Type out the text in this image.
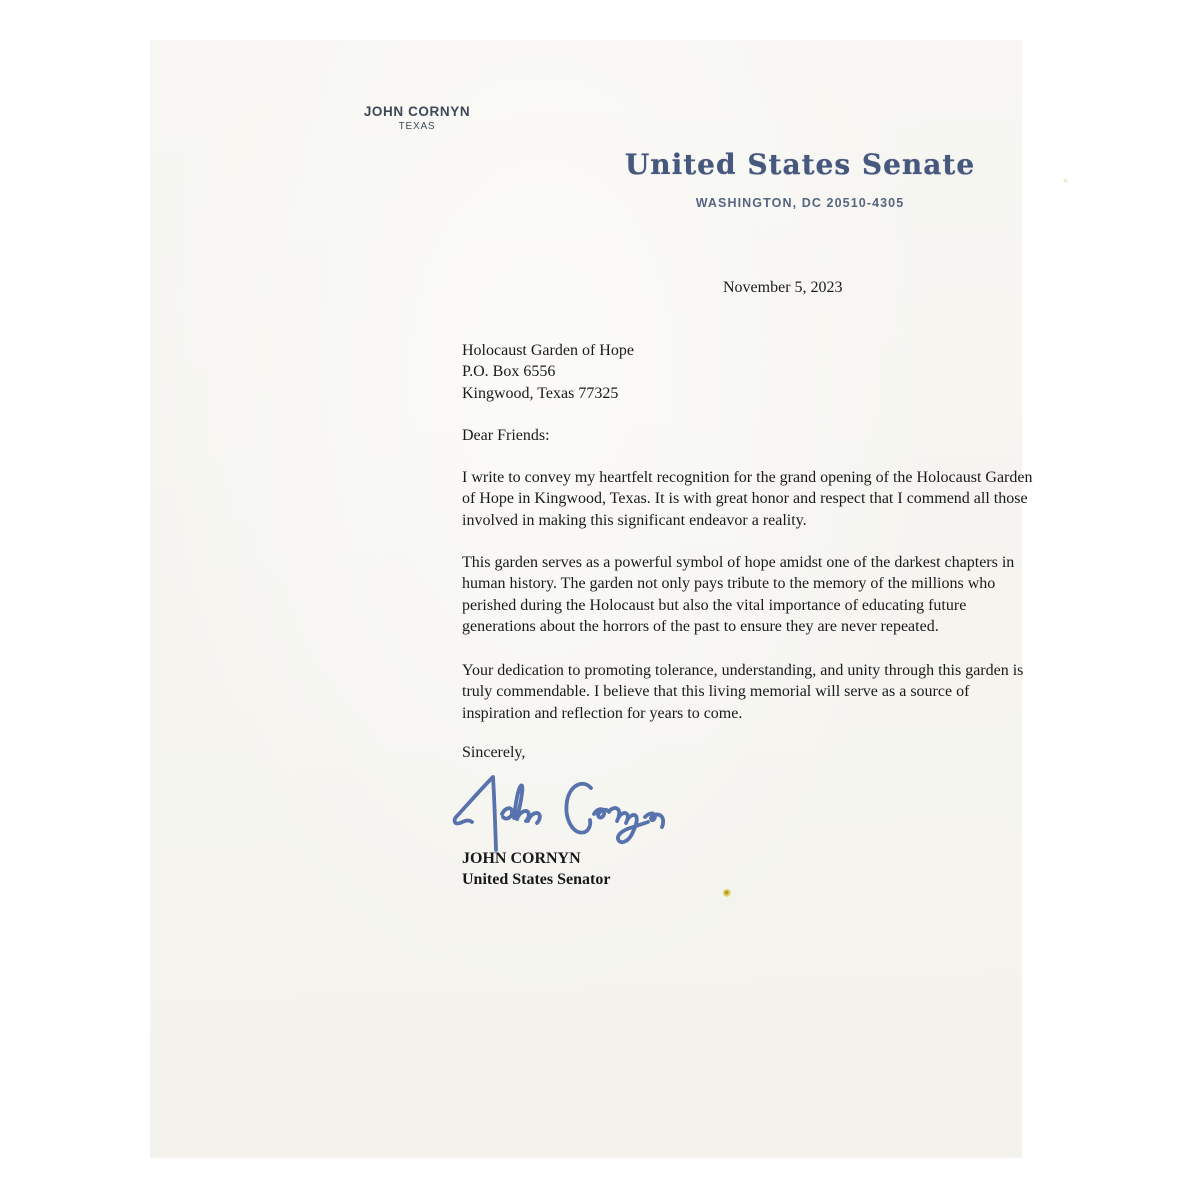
JOHN CORNYN
TEXAS
United States Senate
WASHINGTON, DC 20510-4305
November 5, 2023
Holocaust Garden of Hope
P.O. Box 6556
Kingwood, Texas 77325
Dear Friends:
I write to convey my heartfelt recognition for the grand opening of the Holocaust Garden
of Hope in Kingwood, Texas. It is with great honor and respect that I commend all those
involved in making this significant endeavor a reality.
This garden serves as a powerful symbol of hope amidst one of the darkest chapters in
human history. The garden not only pays tribute to the memory of the millions who
perished during the Holocaust but also the vital importance of educating future
generations about the horrors of the past to ensure they are never repeated.
Your dedication to promoting tolerance, understanding, and unity through this garden is
truly commendable. I believe that this living memorial will serve as a source of
inspiration and reflection for years to come.
Sincerely,
JOHN CORNYN
United States Senator
